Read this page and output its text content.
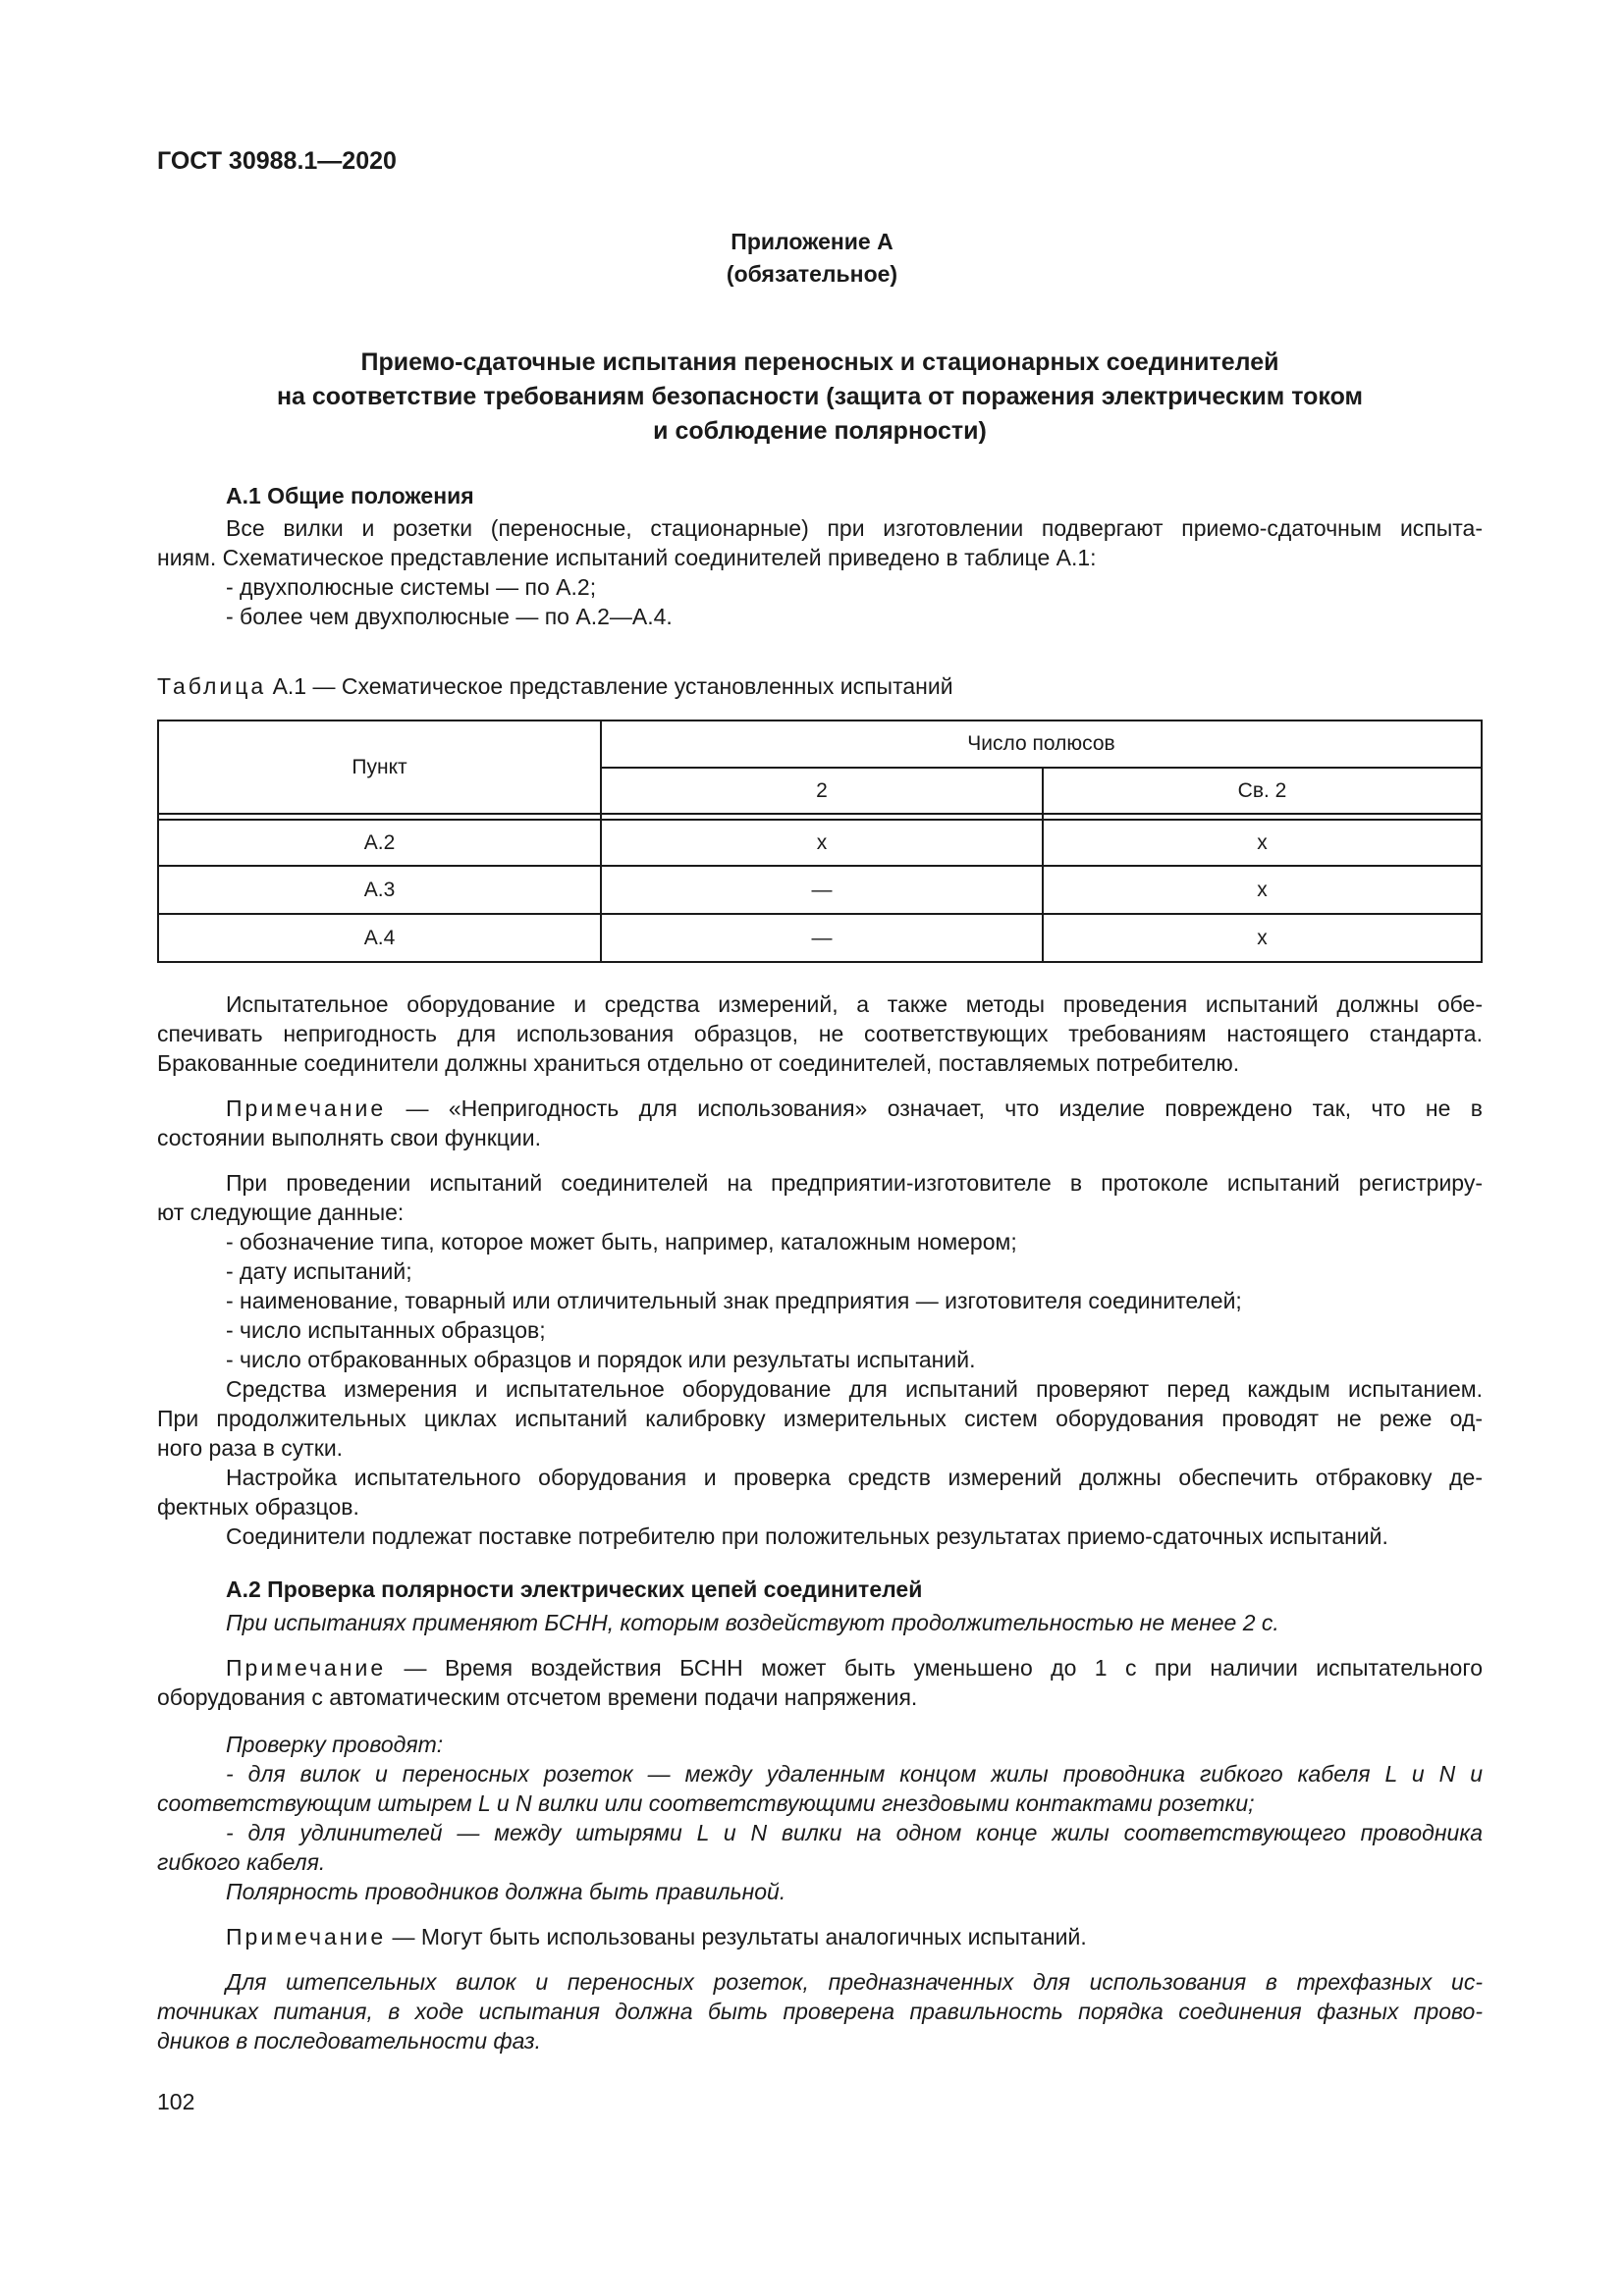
ГОСТ 30988.1—2020
Приложение А
(обязательное)
Приемо-сдаточные испытания переносных и стационарных соединителей
на соответствие требованиям безопасности (защита от поражения электрическим током
и соблюдение полярности)
А.1 Общие положения
Все вилки и розетки (переносные, стационарные) при изготовлении подвергают приемо-сдаточным испыта-
ниям. Схематическое представление испытаний соединителей приведено в таблице А.1:
- двухполюсные системы — по А.2;
- более чем двухполюсные — по А.2—А.4.
Таблица А.1 — Схематическое представление установленных испытаний
Пункт
Число полюсов
2	Св. 2
А.2	x	x
А.3	—	x
А.4	—	x
Испытательное оборудование и средства измерений, а также методы проведения испытаний должны обе-
спечивать непригодность для использования образцов, не соответствующих требованиям настоящего стандарта.
Бракованные соединители должны храниться отдельно от соединителей, поставляемых потребителю.
Примечание — «Непригодность для использования» означает, что изделие повреждено так, что не в
состоянии выполнять свои функции.
При проведении испытаний соединителей на предприятии-изготовителе в протоколе испытаний регистриру-
ют следующие данные:
- обозначение типа, которое может быть, например, каталожным номером;
- дату испытаний;
- наименование, товарный или отличительный знак предприятия — изготовителя соединителей;
- число испытанных образцов;
- число отбракованных образцов и порядок или результаты испытаний.
Средства измерения и испытательное оборудование для испытаний проверяют перед каждым испытанием.
При продолжительных циклах испытаний калибровку измерительных систем оборудования проводят не реже од-
ного раза в сутки.
Настройка испытательного оборудования и проверка средств измерений должны обеспечить отбраковку де-
фектных образцов.
Соединители подлежат поставке потребителю при положительных результатах приемо-сдаточных испытаний.
А.2 Проверка полярности электрических цепей соединителей
При испытаниях применяют БСНН, которым воздействуют продолжительностью не менее 2 с.
Примечание — Время воздействия БСНН может быть уменьшено до 1 с при наличии испытательного
оборудования с автоматическим отсчетом времени подачи напряжения.
Проверку проводят:
- для вилок и переносных розеток — между удаленным концом жилы проводника гибкого кабеля L и N и
соответствующим штырем L и N вилки или соответствующими гнездовыми контактами розетки;
- для удлинителей — между штырями L и N вилки на одном конце жилы соответствующего проводника
гибкого кабеля.
Полярность проводников должна быть правильной.
Примечание — Могут быть использованы результаты аналогичных испытаний.
Для штепсельных вилок и переносных розеток, предназначенных для использования в трехфазных ис-
точниках питания, в ходе испытания должна быть проверена правильность порядка соединения фазных прово-
дников в последовательности фаз.
102
